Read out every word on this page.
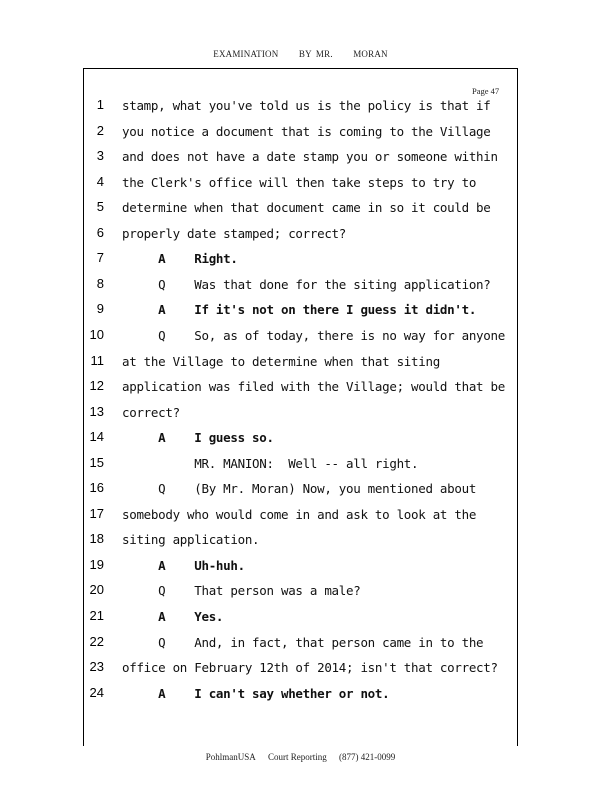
EXAMINATION BY MR. MORAN
Page 47
1 stamp, what you've told us is the policy is that if
2 you notice a document that is coming to the Village
3 and does not have a date stamp you or someone within
4 the Clerk's office will then take steps to try to
5 determine when that document came in so it could be
6 properly date stamped; correct?
7 A    Right.
8 Q    Was that done for the siting application?
9 A    If it's not on there I guess it didn't.
10 Q    So, as of today, there is no way for anyone
11 at the Village to determine when that siting
12 application was filed with the Village; would that be
13 correct?
14 A    I guess so.
15 MR. MANION:  Well -- all right.
16 Q    (By Mr. Moran) Now, you mentioned about
17 somebody who would come in and ask to look at the
18 siting application.
19 A    Uh-huh.
20 Q    That person was a male?
21 A    Yes.
22 Q    And, in fact, that person came in to the
23 office on February 12th of 2014; isn't that correct?
24 A    I can't say whether or not.
PohlmanUSA Court Reporting (877) 421-0099
